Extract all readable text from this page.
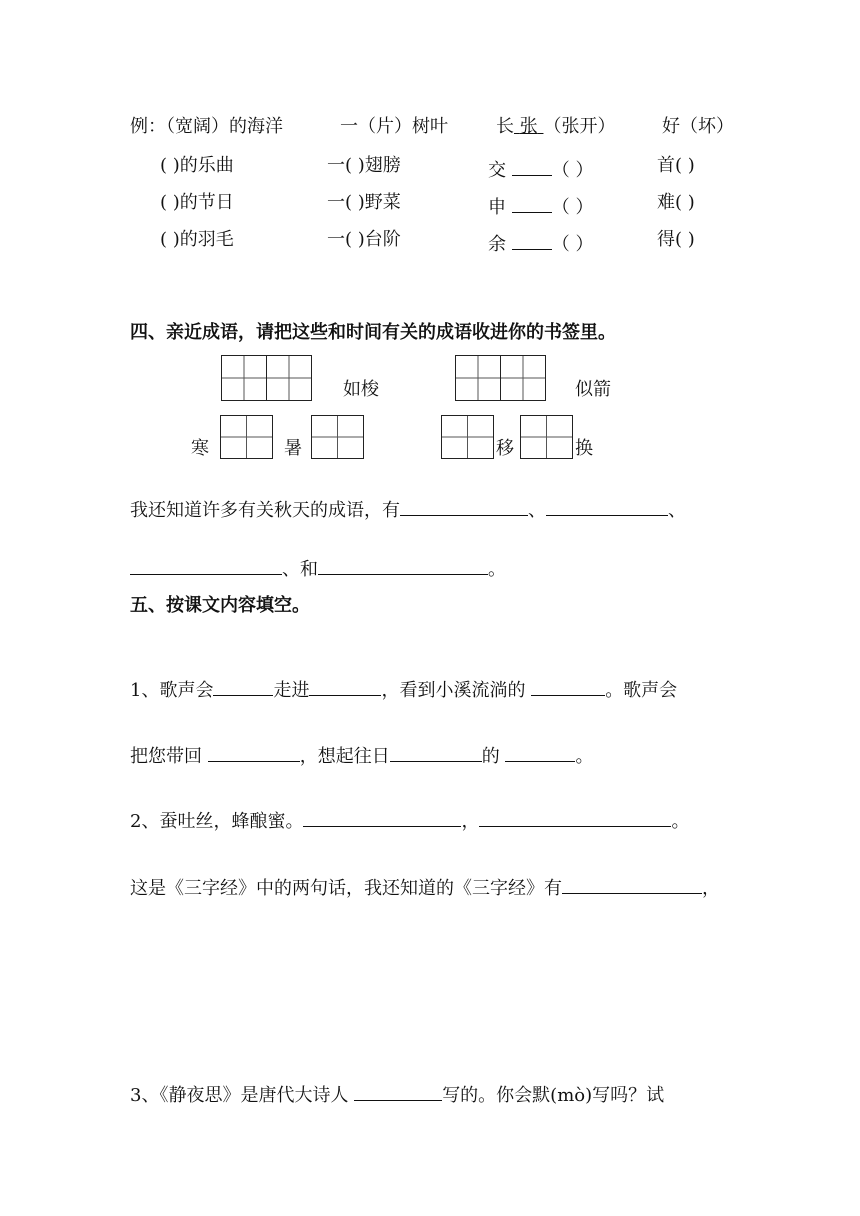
例：（宽阔）的海洋	一（片）树叶	长 张 （张开）	好（坏）
( )的乐曲	一( )翅膀	交	（ ）	首( )
( )的节日	一( )野菜	申	（ ）	难( )
( )的羽毛	一( )台阶	余	（ ）	得( )
四、亲近成语，请把这些和时间有关的成语收进你的书签里。
如梭	似箭
寒	暑	移	换
我还知道许多有关秋天的成语，有	、	、
、和	。
五、按课文内容填空。
1、歌声会	走进	，看到小溪流淌的	。歌声会
把您带回	，想起往日	的	。
2、蚕吐丝，蜂酿蜜。	，	。
这是《三字经》中的两句话，我还知道的《三字经》有	，
3、《静夜思》是唐代大诗人	写的。你会默(mò)写吗？试
